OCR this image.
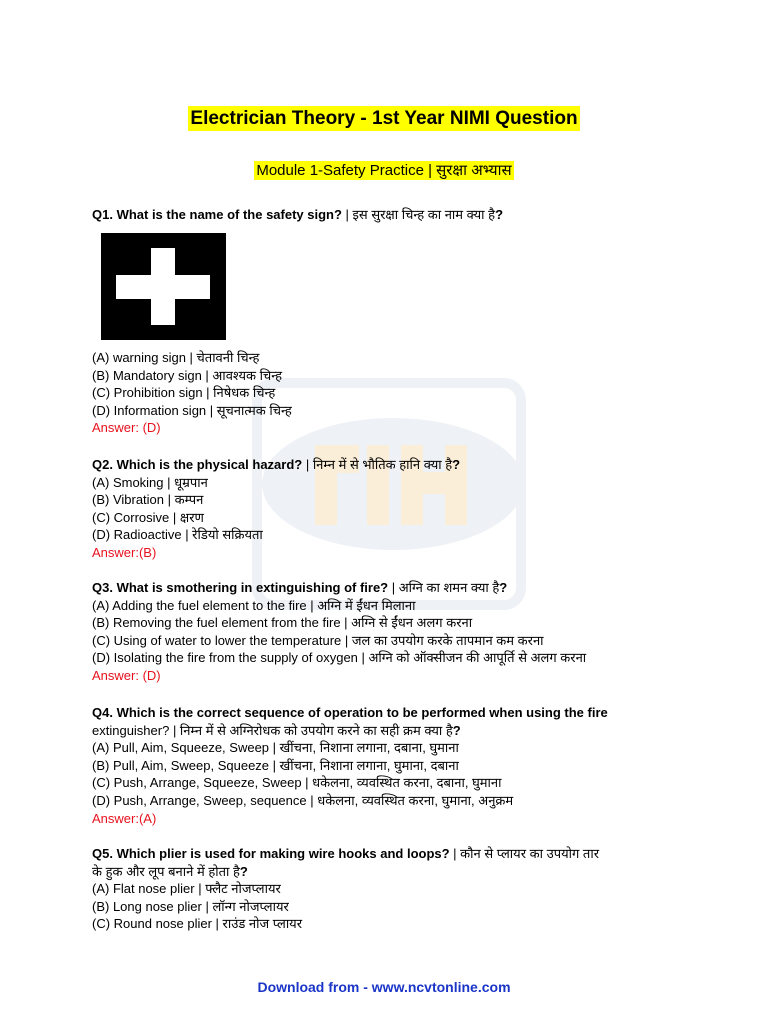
Electrician Theory - 1st Year NIMI Question
Module 1-Safety Practice | सुरक्षा अभ्यास
Q1. What is the name of the safety sign? | इस सुरक्षा चिन्ह का नाम क्या है?
(A) warning sign | चेतावनी चिन्ह
(B) Mandatory sign | आवश्यक चिन्ह
(C) Prohibition sign | निषेधक चिन्ह
(D) Information sign | सूचनात्मक चिन्ह
Answer: (D)
Q2. Which is the physical hazard? | निम्न में से भौतिक हानि क्या है?
(A) Smoking | धूम्रपान
(B) Vibration | कम्पन
(C) Corrosive | क्षरण
(D) Radioactive | रेडियो सक्रियता
Answer:(B)
Q3. What is smothering in extinguishing of fire? | अग्नि का शमन क्या है?
(A) Adding the fuel element to the fire | अग्नि में ईंधन मिलाना
(B) Removing the fuel element from the fire | अग्नि से ईंधन अलग करना
(C) Using of water to lower the temperature | जल का उपयोग करके तापमान कम करना
(D) Isolating the fire from the supply of oxygen | अग्नि को ऑक्सीजन की आपूर्ति से अलग करना
Answer: (D)
Q4. Which is the correct sequence of operation to be performed when using the fire
extinguisher? | निम्न में से अग्निरोधक को उपयोग करने का सही क्रम क्या है?
(A) Pull, Aim, Squeeze, Sweep | खींचना, निशाना लगाना, दबाना, घुमाना
(B) Pull, Aim, Sweep, Squeeze | खींचना, निशाना लगाना, घुमाना, दबाना
(C) Push, Arrange, Squeeze, Sweep | धकेलना, व्यवस्थित करना, दबाना, घुमाना
(D) Push, Arrange, Sweep, sequence | धकेलना, व्यवस्थित करना, घुमाना, अनुक्रम
Answer:(A)
Q5. Which plier is used for making wire hooks and loops? | कौन से प्लायर का उपयोग तार
के हुक और लूप बनाने में होता है?
(A) Flat nose plier | फ्लैट नोजप्लायर
(B) Long nose plier | लॉन्ग नोजप्लायर
(C) Round nose plier | राउंड नोज प्लायर
Download from - www.ncvtonline.com
